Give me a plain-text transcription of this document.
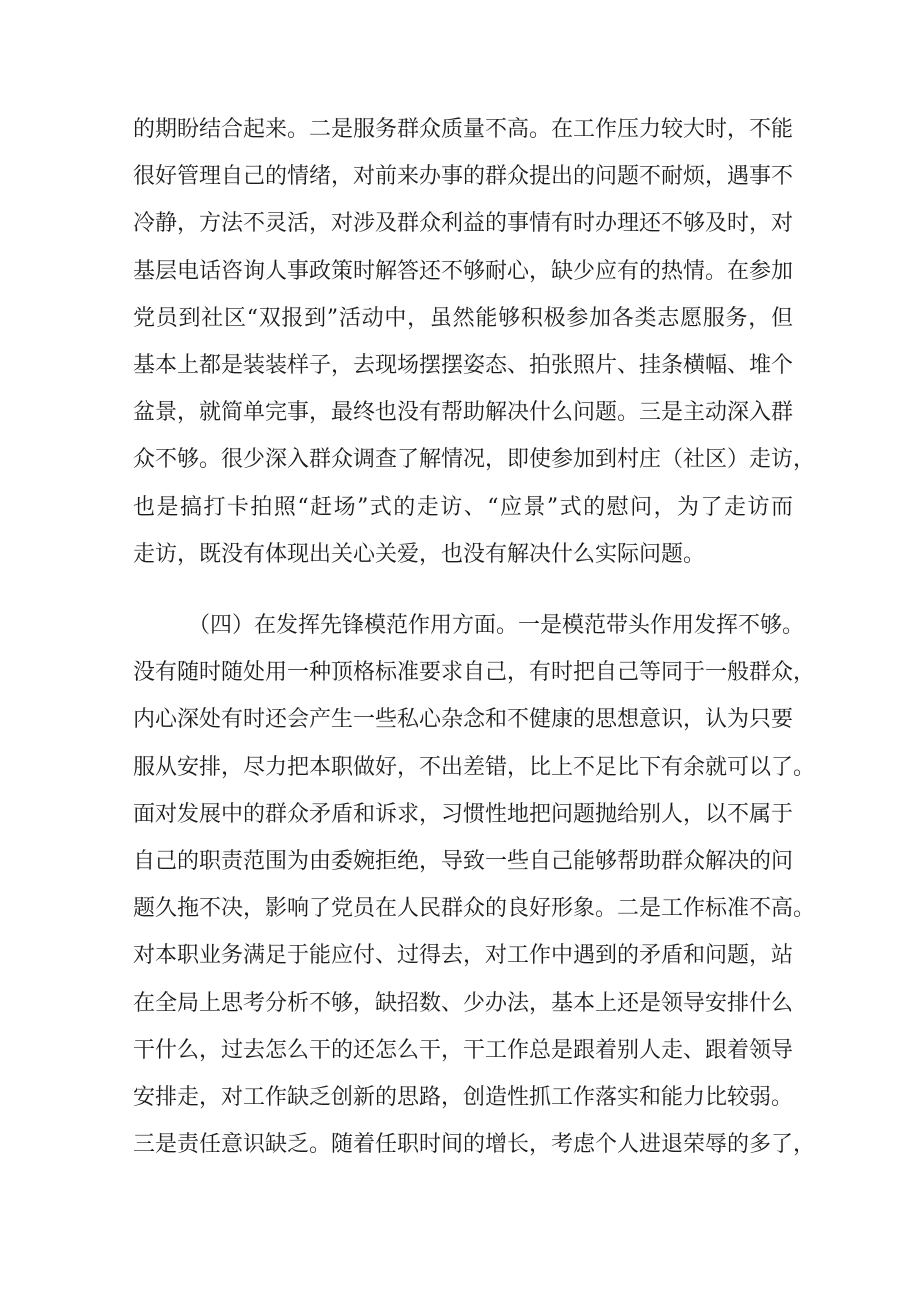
的期盼结合起来。二是服务群众质量不高。在工作压力较大时，不能
很好管理自己的情绪，对前来办事的群众提出的问题不耐烦，遇事不
冷静，方法不灵活，对涉及群众利益的事情有时办理还不够及时，对
基层电话咨询人事政策时解答还不够耐心，缺少应有的热情。在参加
党员到社区“双报到”活动中，虽然能够积极参加各类志愿服务，但
基本上都是装装样子，去现场摆摆姿态、拍张照片、挂条横幅、堆个
盆景，就简单完事，最终也没有帮助解决什么问题。三是主动深入群
众不够。很少深入群众调查了解情况，即使参加到村庄（社区）走访，
也是搞打卡拍照“赶场”式的走访、“应景”式的慰问，为了走访而
走访，既没有体现出关心关爱，也没有解决什么实际问题。
（四）在发挥先锋模范作用方面。一是模范带头作用发挥不够。
没有随时随处用一种顶格标准要求自己，有时把自己等同于一般群众，
内心深处有时还会产生一些私心杂念和不健康的思想意识，认为只要
服从安排，尽力把本职做好，不出差错，比上不足比下有余就可以了。
面对发展中的群众矛盾和诉求，习惯性地把问题抛给别人，以不属于
自己的职责范围为由委婉拒绝，导致一些自己能够帮助群众解决的问
题久拖不决，影响了党员在人民群众的良好形象。二是工作标准不高。
对本职业务满足于能应付、过得去，对工作中遇到的矛盾和问题，站
在全局上思考分析不够，缺招数、少办法，基本上还是领导安排什么
干什么，过去怎么干的还怎么干，干工作总是跟着别人走、跟着领导
安排走，对工作缺乏创新的思路，创造性抓工作落实和能力比较弱。
三是责任意识缺乏。随着任职时间的增长，考虑个人进退荣辱的多了，
